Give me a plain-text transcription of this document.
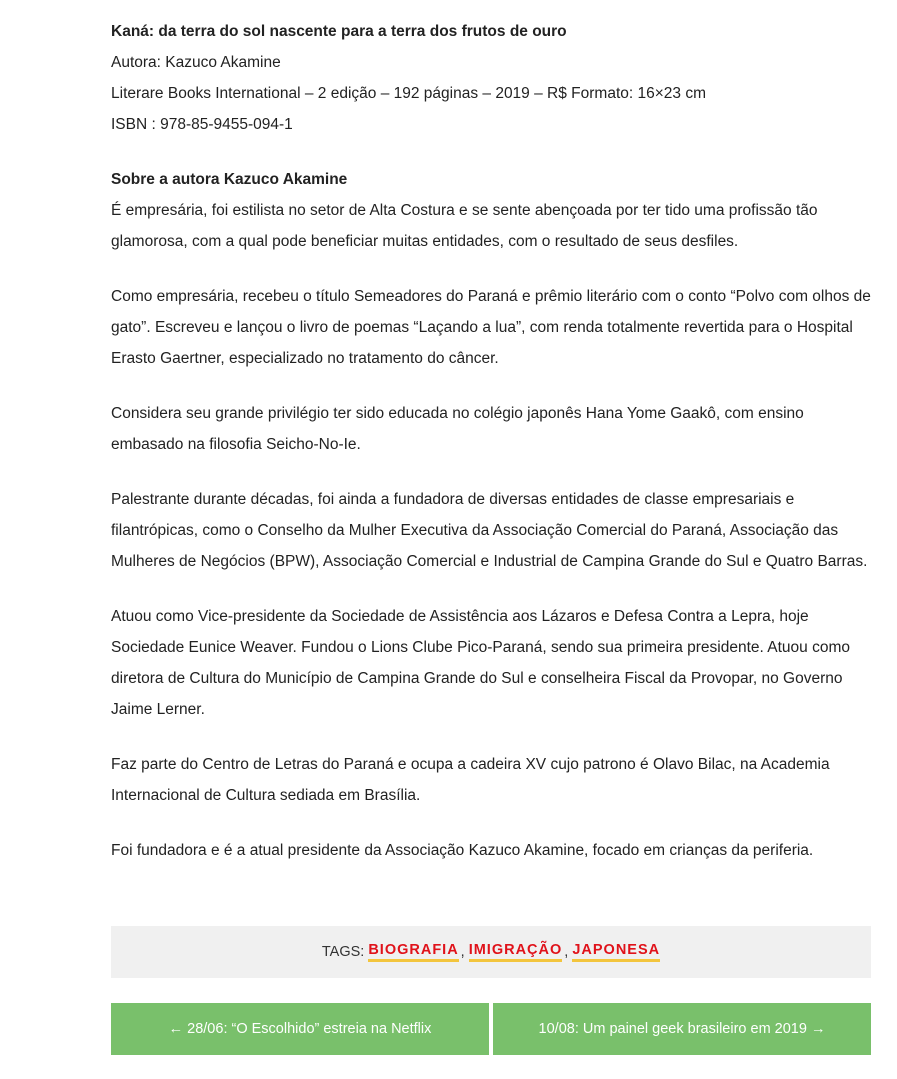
Kaná: da terra do sol nascente para a terra dos frutos de ouro
Autora: Kazuco Akamine
Literare Books International – 2 edição – 192 páginas – 2019 – R$ Formato: 16×23 cm
ISBN : 978-85-9455-094-1

Sobre a autora Kazuco Akamine
É empresária, foi estilista no setor de Alta Costura e se sente abençoada por ter tido uma profissão tão glamorosa, com a qual pode beneficiar muitas entidades, com o resultado de seus desfiles.

Como empresária, recebeu o título Semeadores do Paraná e prêmio literário com o conto “Polvo com olhos de gato”. Escreveu e lançou o livro de poemas “Laçando a lua”, com renda totalmente revertida para o Hospital Erasto Gaertner, especializado no tratamento do câncer.

Considera seu grande privilégio ter sido educada no colégio japonês Hana Yome Gaakô, com ensino embasado na filosofia Seicho-No-Ie.

Palestrante durante décadas, foi ainda a fundadora de diversas entidades de classe empresariais e filantrópicas, como o Conselho da Mulher Executiva da Associação Comercial do Paraná, Associação das Mulheres de Negócios (BPW), Associação Comercial e Industrial de Campina Grande do Sul e Quatro Barras.

Atuou como Vice-presidente da Sociedade de Assistência aos Lázaros e Defesa Contra a Lepra, hoje Sociedade Eunice Weaver. Fundou o Lions Clube Pico-Paraná, sendo sua primeira presidente. Atuou como diretora de Cultura do Município de Campina Grande do Sul e conselheira Fiscal da Provopar, no Governo Jaime Lerner.

Faz parte do Centro de Letras do Paraná e ocupa a cadeira XV cujo patrono é Olavo Bilac, na Academia Internacional de Cultura sediada em Brasília.

Foi fundadora e é a atual presidente da Associação Kazuco Akamine, focado em crianças da periferia.

TAGS: BIOGRAFIA , IMIGRAÇÃO , JAPONESA
← 28/06: “O Escolhido” estreia na Netflix	10/08: Um painel geek brasileiro em 2019 →
